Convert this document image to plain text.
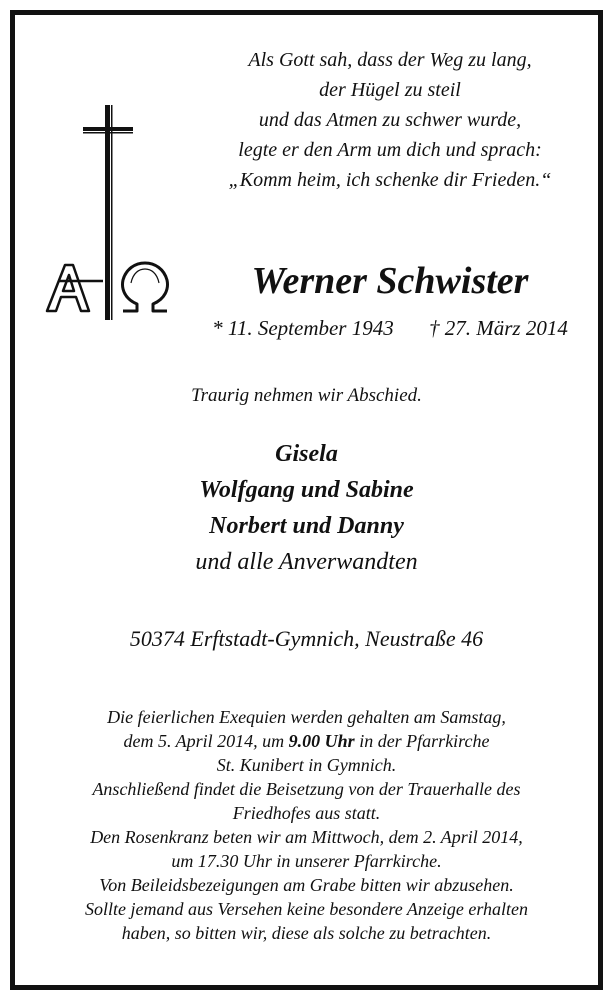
Als Gott sah, dass der Weg zu lang,
der Hügel zu steil
und das Atmen zu schwer wurde,
legte er den Arm um dich und sprach:
„Komm heim, ich schenke dir Frieden.“
Werner Schwister
* 11. September 1943 † 27. März 2014
Traurig nehmen wir Abschied.
Gisela
Wolfgang und Sabine
Norbert und Danny
und alle Anverwandten
50374 Erftstadt-Gymnich, Neustraße 46
Die feierlichen Exequien werden gehalten am Samstag,
dem 5. April 2014, um 9.00 Uhr in der Pfarrkirche
St. Kunibert in Gymnich.
Anschließend findet die Beisetzung von der Trauerhalle des
Friedhofes aus statt.
Den Rosenkranz beten wir am Mittwoch, dem 2. April 2014,
um 17.30 Uhr in unserer Pfarrkirche.
Von Beileidsbezeigungen am Grabe bitten wir abzusehen.
Sollte jemand aus Versehen keine besondere Anzeige erhalten
haben, so bitten wir, diese als solche zu betrachten.
